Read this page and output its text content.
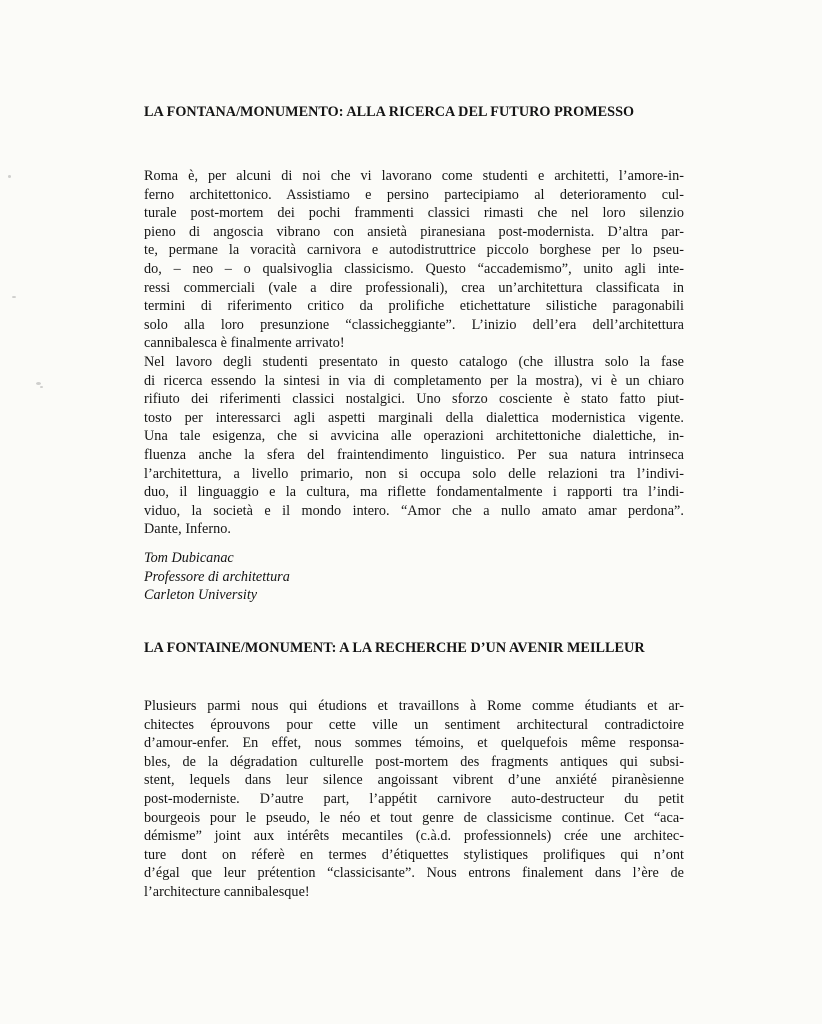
LA FONTANA/MONUMENTO: ALLA RICERCA DEL FUTURO PROMESSO
Roma è, per alcuni di noi che vi lavorano come studenti e architetti, l’amore-in-
ferno architettonico. Assistiamo e persino partecipiamo al deterioramento cul-
turale post-mortem dei pochi frammenti classici rimasti che nel loro silenzio
pieno di angoscia vibrano con ansietà piranesiana post-modernista. D’altra par-
te, permane la voracità carnivora e autodistruttrice piccolo borghese per lo pseu-
do, – neo – o qualsivoglia classicismo. Questo “accademismo”, unito agli inte-
ressi commerciali (vale a dire professionali), crea un’architettura classificata in
termini di riferimento critico da prolifiche etichettature silistiche paragonabili
solo alla loro presunzione “classicheggiante”. L’inizio dell’era dell’architettura
cannibalesca è finalmente arrivato!
Nel lavoro degli studenti presentato in questo catalogo (che illustra solo la fase
di ricerca essendo la sintesi in via di completamento per la mostra), vi è un chiaro
rifiuto dei riferimenti classici nostalgici. Uno sforzo cosciente è stato fatto piut-
tosto per interessarci agli aspetti marginali della dialettica modernistica vigente.
Una tale esigenza, che si avvicina alle operazioni architettoniche dialettiche, in-
fluenza anche la sfera del fraintendimento linguistico. Per sua natura intrinseca
l’architettura, a livello primario, non si occupa solo delle relazioni tra l’indivi-
duo, il linguaggio e la cultura, ma riflette fondamentalmente i rapporti tra l’indi-
viduo, la società e il mondo intero. “Amor che a nullo amato amar perdona”.
Dante, Inferno.
Tom Dubicanac
Professore di architettura
Carleton University
LA FONTAINE/MONUMENT: A LA RECHERCHE D’UN AVENIR MEILLEUR
Plusieurs parmi nous qui étudions et travaillons à Rome comme étudiants et ar-
chitectes éprouvons pour cette ville un sentiment architectural contradictoire
d’amour-enfer. En effet, nous sommes témoins, et quelquefois même responsa-
bles, de la dégradation culturelle post-mortem des fragments antiques qui subsi-
stent, lequels dans leur silence angoissant vibrent d’une anxiété piranèsienne
post-moderniste. D’autre part, l’appétit carnivore auto-destructeur du petit
bourgeois pour le pseudo, le néo et tout genre de classicisme continue. Cet “aca-
démisme” joint aux intérêts mecantiles (c.à.d. professionnels) crée une architec-
ture dont on réferè en termes d’étiquettes stylistiques prolifiques qui n’ont
d’égal que leur prétention “classicisante”. Nous entrons finalement dans l’ère de
l’architecture cannibalesque!
